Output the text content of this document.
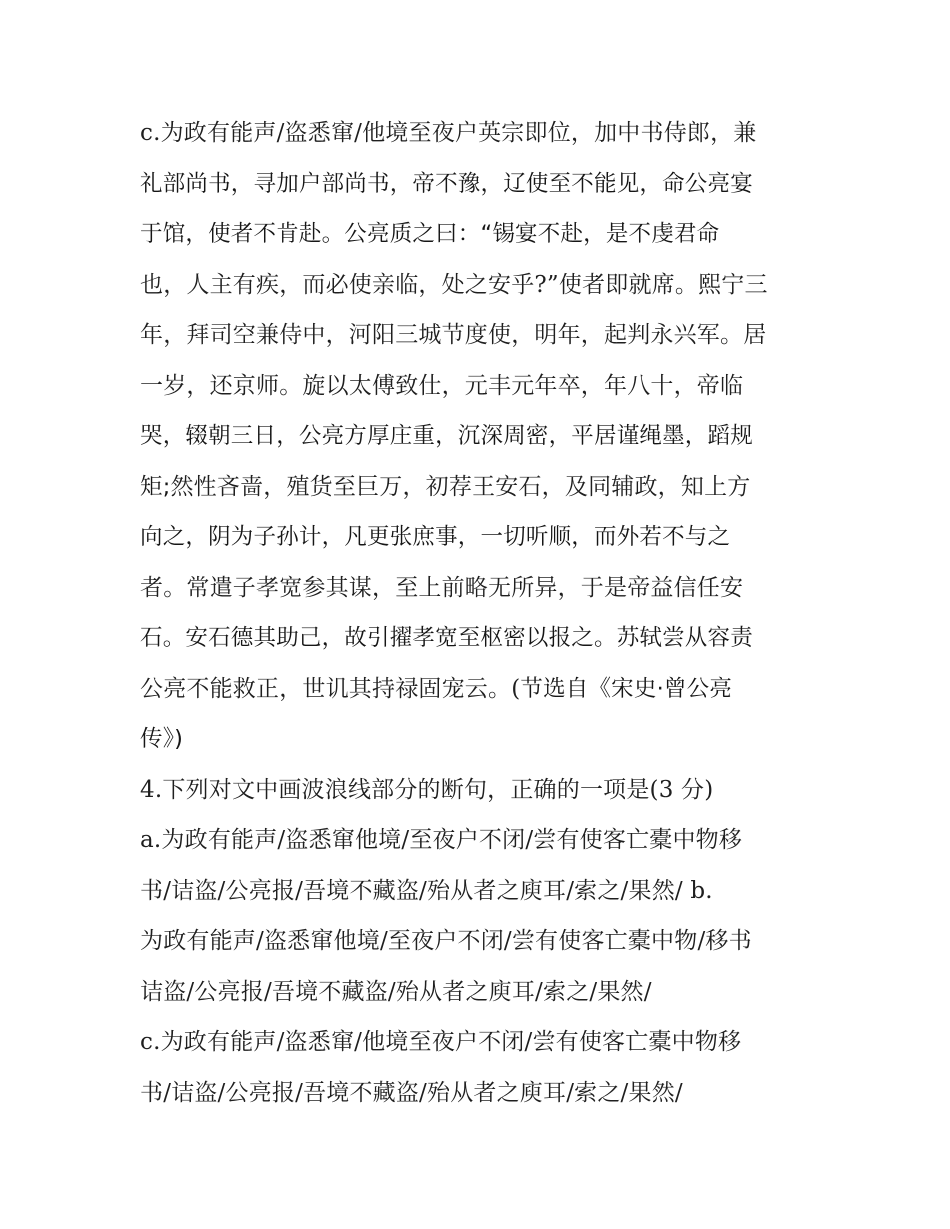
c.为政有能声/盗悉窜/他境至夜户英宗即位，加中书侍郎，兼
礼部尚书，寻加户部尚书，帝不豫，辽使至不能见，命公亮宴
于馆，使者不肯赴。公亮质之曰：“锡宴不赴，是不虔君命
也，人主有疾，而必使亲临，处之安乎?”使者即就席。熙宁三
年，拜司空兼侍中，河阳三城节度使，明年，起判永兴军。居
一岁，还京师。旋以太傅致仕，元丰元年卒，年八十，帝临
哭，辍朝三日，公亮方厚庄重，沉深周密，平居谨绳墨，蹈规
矩;然性吝啬，殖货至巨万，初荐王安石，及同辅政，知上方
向之，阴为子孙计，凡更张庶事，一切听顺，而外若不与之
者。常遣子孝宽参其谋，至上前略无所异，于是帝益信任安
石。安石德其助己，故引擢孝宽至枢密以报之。苏轼尝从容责
公亮不能救正，世讥其持禄固宠云。(节选自《宋史·曾公亮
传》)
4.下列对文中画波浪线部分的断句，正确的一项是(3 分)
a.为政有能声/盗悉窜他境/至夜户不闭/尝有使客亡橐中物移
书/诘盗/公亮报/吾境不藏盗/殆从者之庾耳/索之/果然/ b.
为政有能声/盗悉窜他境/至夜户不闭/尝有使客亡橐中物/移书
诘盗/公亮报/吾境不藏盗/殆从者之庾耳/索之/果然/
c.为政有能声/盗悉窜/他境至夜户不闭/尝有使客亡橐中物移
书/诘盗/公亮报/吾境不藏盗/殆从者之庾耳/索之/果然/
